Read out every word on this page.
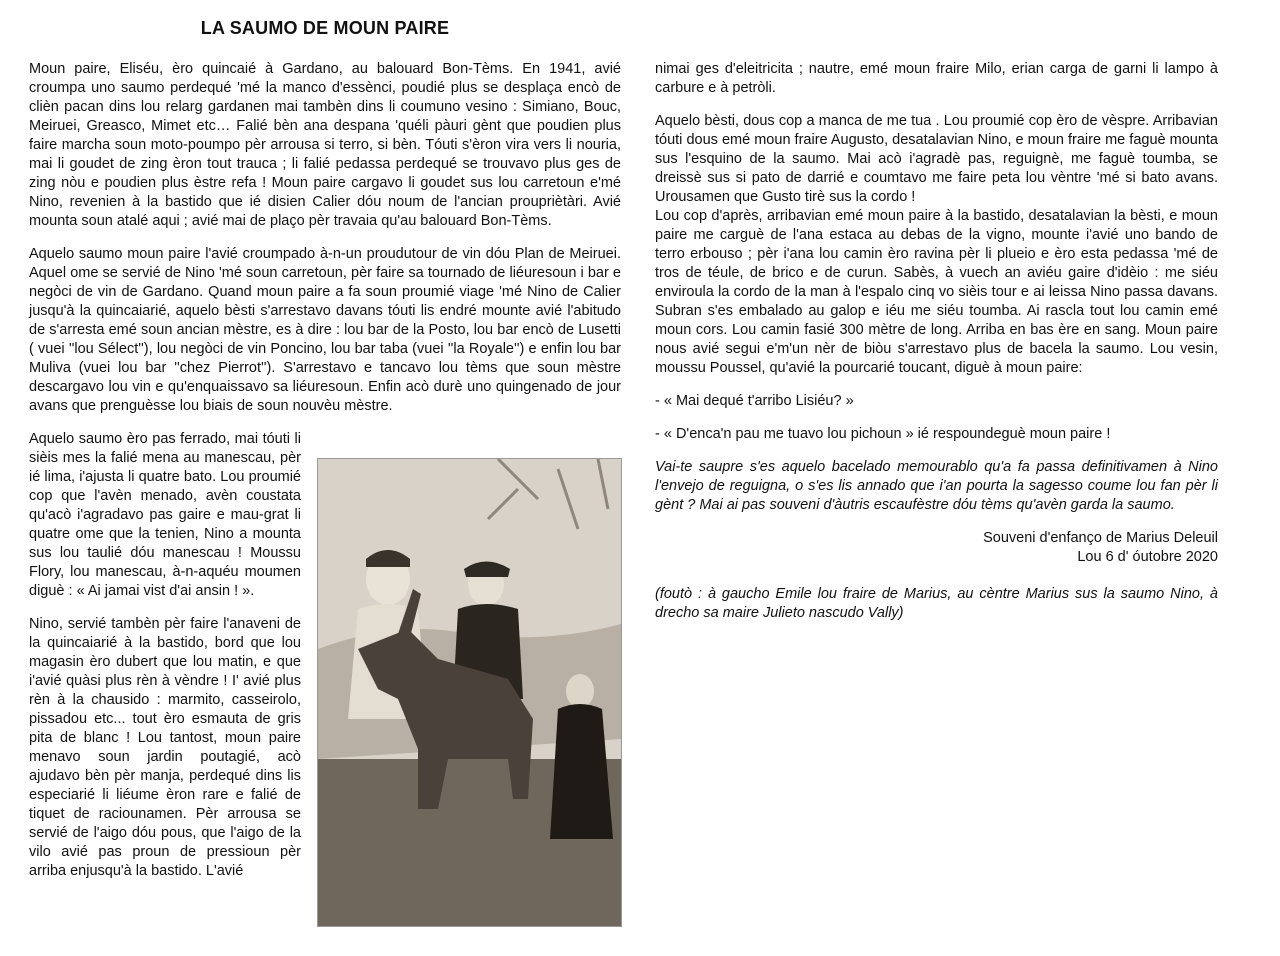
LA SAUMO DE MOUN PAIRE

Moun paire, Eliséu, èro quincaié à Gardano, au balouard Bon-Tèms. En 1941, avié croumpa uno saumo perdequé 'mé la manco d'essènci, poudié plus se desplaça encò de clièn pacan dins lou relarg gardanen mai tambèn dins li coumuno vesino : Simiano, Bouc, Meiruei, Greasco, Mimet etc… Falié bèn ana despana 'quéli pàuri gènt que poudien plus faire marcha soun moto-poumpo pèr arrousa si terro, si bèn. Tóuti s'èron vira vers li nouria, mai li goudet de zing èron tout trauca ; li falié pedassa perdequé se trouvavo plus ges de zing nòu e poudien plus èstre refa ! Moun paire cargavo li goudet sus lou carretoun e'mé Nino, revenien à la bastido que ié disien Calier dóu noum de l'ancian proupriètàri. Avié mounta soun atalé aqui ; avié mai de plaço pèr travaia qu'au balouard Bon-Tèms.

Aquelo saumo moun paire l'avié croumpado à-n-un proudutour de vin dóu Plan de Meiruei. Aquel ome se servié de Nino 'mé soun carretoun, pèr faire sa tournado de liéuresoun i bar e negòci de vin de Gardano. Quand moun paire a fa soun proumié viage 'mé Nino de Calier jusqu'à la quincaiarié, aquelo bèsti s'arrestavo davans tóuti lis endré mounte avié l'abitudo de s'arresta emé soun ancian mèstre, es à dire : lou bar de la Posto, lou bar encò de Lusetti ( vuei ''lou Sélect''), lou negòci de vin Poncino, lou bar taba (vuei ''la Royale'') e enfin lou bar Muliva (vuei lou bar ''chez Pierrot''). S'arrestavo e tancavo lou tèms que soun mèstre descargavo lou vin e qu'enquaissavo sa liéuresoun. Enfin acò durè uno quingenado de jour avans que prenguèsse lou biais de soun nouvèu mèstre.

Aquelo saumo èro pas ferrado, mai tóuti li sièis mes la falié mena au manescau, pèr ié lima, i'ajusta li quatre bato. Lou proumié cop que l'avèn menado, avèn coustata qu'acò i'agradavo pas gaire e mau-grat li quatre ome que la tenien, Nino a mounta sus lou taulié dóu manescau ! Moussu Flory, lou manescau, à-n-aquéu moumen diguè : « Ai jamai vist d'ai ansin ! ».

Nino, servié tambèn pèr faire l'anaveni de la quincaiarié à la bastido, bord que lou magasin èro dubert que lou matin, e que i'avié quàsi plus rèn à vèndre ! I' avié plus rèn à la chausido : marmito, casseirolo, pissadou etc... tout èro esmauta de gris pita de blanc ! Lou tantost, moun paire menavo soun jardin poutagié, acò ajudavo bèn pèr manja, perdequé dins lis especiarié li liéume èron rare e falié de tiquet de raciounamen. Pèr arrousa se servié de l'aigo dóu pous, que l'aigo de la vilo avié pas proun de pressioun pèr arriba enjusqu'à la bastido. L'avié

nimai ges d'eleitricita ; nautre, emé moun fraire Milo, erian carga de garni li lampo à carbure e à petròli.

Aquelo bèsti, dous cop a manca de me tua . Lou proumié cop èro de vèspre. Arribavian tóuti dous emé moun fraire Augusto, desatalavian Nino, e moun fraire me faguè mounta sus l'esquino de la saumo. Mai acò i'agradè pas, reguignè, me faguè toumba, se dreissè sus si pato de darrié e coumtavo me faire peta lou vèntre 'mé si bato avans. Urousamen que Gusto tirè sus la cordo !

Lou cop d'après, arribavian emé moun paire à la bastido, desatalavian la bèsti, e moun paire me carguè de l'ana estaca au debas de la vigno, mounte i'avié uno bando de terro erbouso ; pèr i'ana lou camin èro ravina pèr li plueio e èro esta pedassa 'mé de tros de téule, de brico e de curun. Sabès, à vuech an aviéu gaire d'idèio : me siéu enviroula la cordo de la man à l'espalo cinq vo sièis tour e ai leissa Nino passa davans. Subran s'es embalado au galop e iéu me siéu toumba. Ai rascla tout lou camin emé moun cors. Lou camin fasié 300 mètre de long. Arriba en bas ère en sang. Moun paire nous avié segui e'm'un nèr de biòu s'arrestavo plus de bacela la saumo. Lou vesin, moussu Poussel, qu'avié la pourcarié toucant, diguè à moun paire:

- « Mai dequé t'arribo Lisiéu? »

- « D'enca'n pau me tuavo lou pichoun » ié respoundeguè moun paire !

Vai-te saupre s'es aquelo bacelado memourablo qu'a fa passa definitivamen à Nino l'envejo de reguigna, o s'es lis annado que i'an pourta la sagesso coume lou fan pèr li gènt ? Mai ai pas souveni d'àutris escaufèstre dóu tèms qu'avèn garda la saumo.

Souveni d'enfanço de Marius Deleuil
Lou 6 d' óutobre 2020

(foutò : à gaucho Emile lou fraire de Marius, au cèntre Marius sus la saumo Nino, à drecho sa maire Julieto nascudo Vally)
